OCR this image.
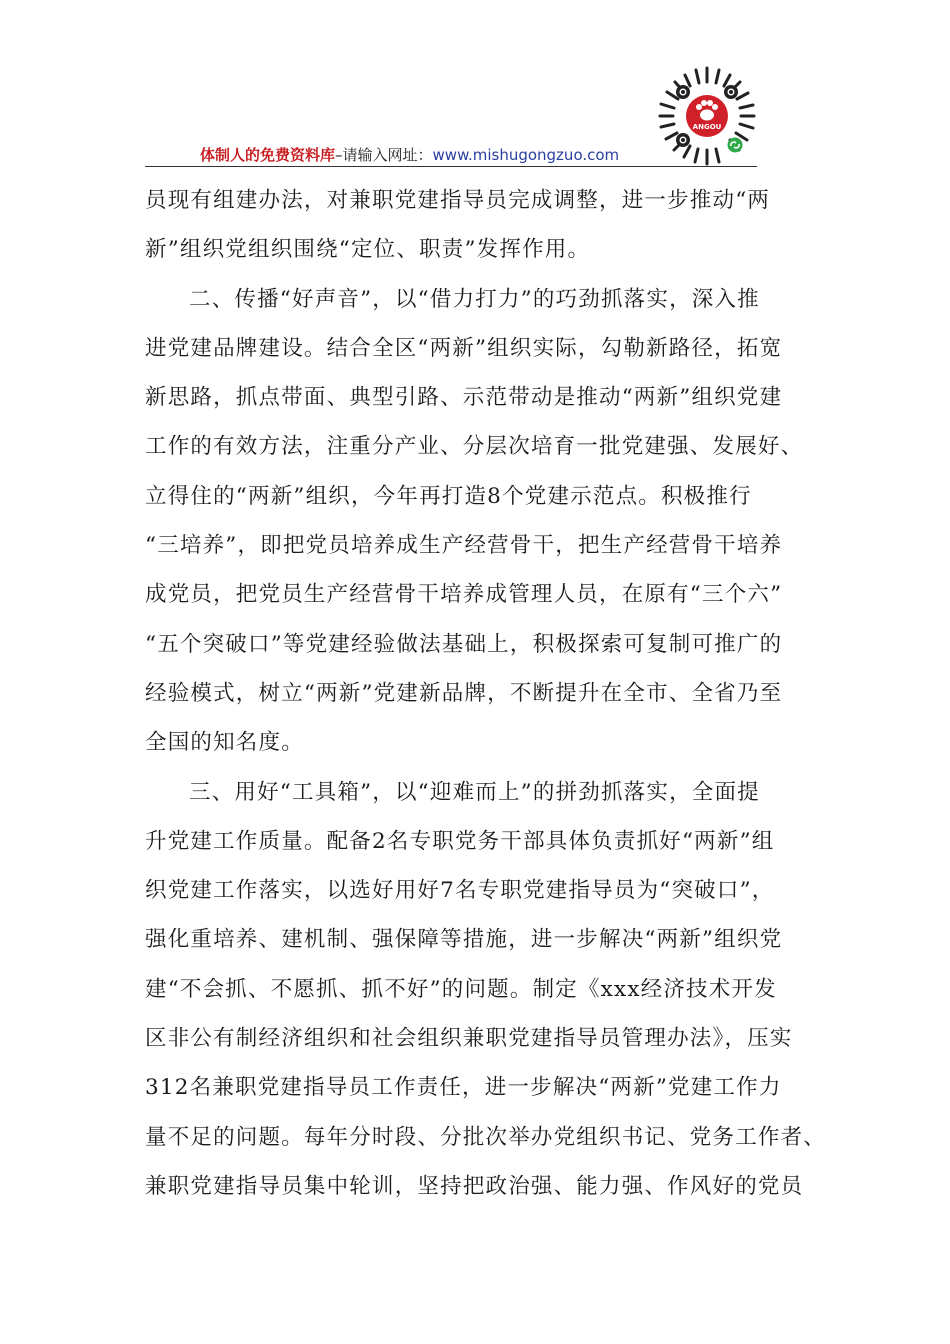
体制人的免费资料库–请输入网址：www.mishugongzuo.com
ANGOU

员现有组建办法，对兼职党建指导员完成调整，进一步推动“两
新”组织党组织围绕“定位、职责”发挥作用。

二、传播“好声音”，以“借力打力”的巧劲抓落实，深入推
进党建品牌建设。结合全区“两新”组织实际，勾勒新路径，拓宽
新思路，抓点带面、典型引路、示范带动是推动“两新”组织党建
工作的有效方法，注重分产业、分层次培育一批党建强、发展好、
立得住的“两新”组织，今年再打造8个党建示范点。积极推行
“三培养”，即把党员培养成生产经营骨干，把生产经营骨干培养
成党员，把党员生产经营骨干培养成管理人员，在原有“三个六”
“五个突破口”等党建经验做法基础上，积极探索可复制可推广的
经验模式，树立“两新”党建新品牌，不断提升在全市、全省乃至
全国的知名度。

三、用好“工具箱”，以“迎难而上”的拼劲抓落实，全面提
升党建工作质量。配备2名专职党务干部具体负责抓好“两新”组
织党建工作落实，以选好用好7名专职党建指导员为“突破口”，
强化重培养、建机制、强保障等措施，进一步解决“两新”组织党
建“不会抓、不愿抓、抓不好”的问题。制定《xxx经济技术开发
区非公有制经济组织和社会组织兼职党建指导员管理办法》，压实
312名兼职党建指导员工作责任，进一步解决“两新”党建工作力
量不足的问题。每年分时段、分批次举办党组织书记、党务工作者、
兼职党建指导员集中轮训，坚持把政治强、能力强、作风好的党员
